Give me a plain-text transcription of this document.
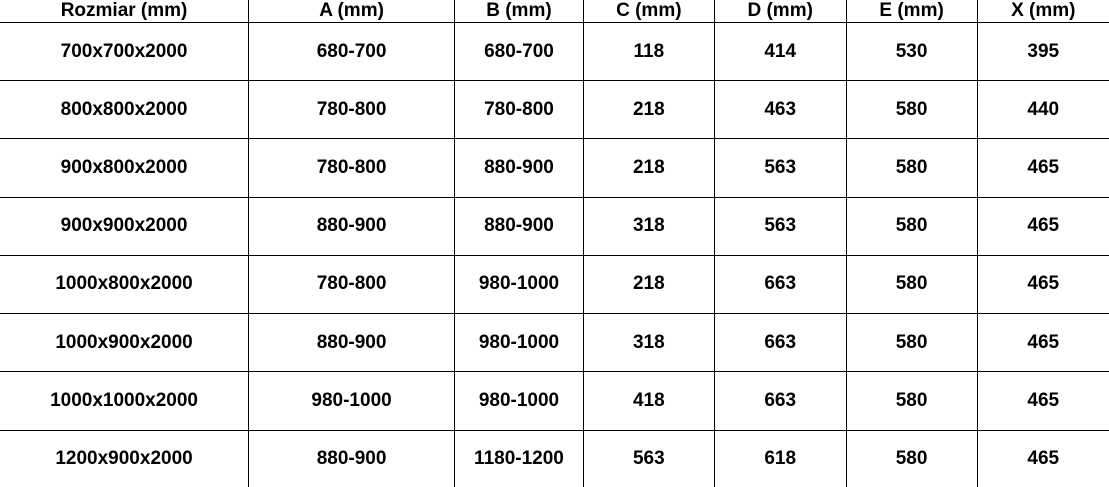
Rozmiar (mm)	A (mm)	B (mm)	C (mm)	D (mm)	E (mm)	X (mm)
700x700x2000	680-700	680-700	118	414	530	395
800x800x2000	780-800	780-800	218	463	580	440
900x800x2000	780-800	880-900	218	563	580	465
900x900x2000	880-900	880-900	318	563	580	465
1000x800x2000	780-800	980-1000	218	663	580	465
1000x900x2000	880-900	980-1000	318	663	580	465
1000x1000x2000	980-1000	980-1000	418	663	580	465
1200x900x2000	880-900	1180-1200	563	618	580	465
